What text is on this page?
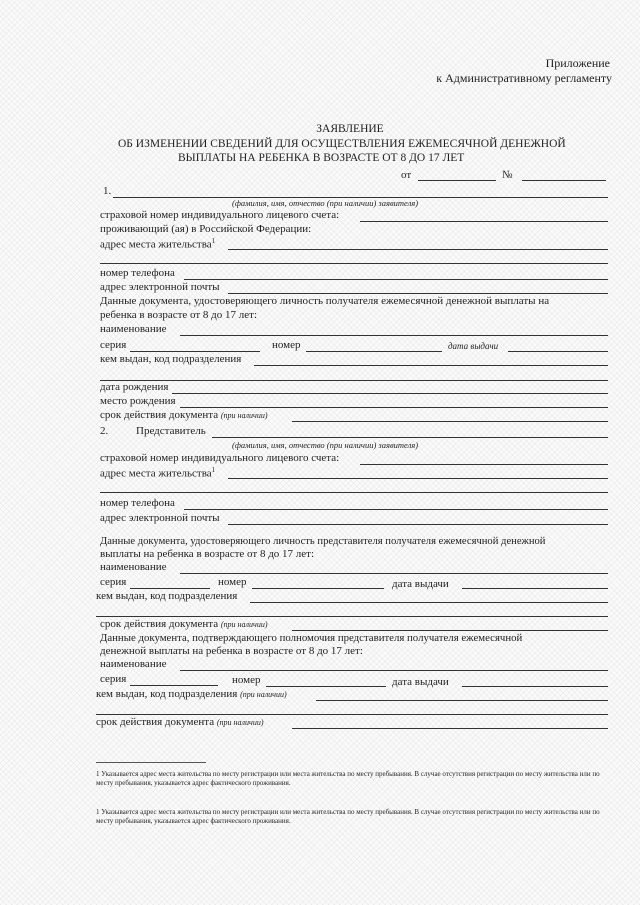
Приложение
к Административному регламенту
ЗАЯВЛЕНИЕ
ОБ ИЗМЕНЕНИИ СВЕДЕНИЙ ДЛЯ ОСУЩЕСТВЛЕНИЯ ЕЖЕМЕСЯЧНОЙ ДЕНЕЖНОЙ
ВЫПЛАТЫ НА РЕБЕНКА В ВОЗРАСТЕ ОТ 8 ДО 17 ЛЕТ
от	№
1.
(фамилия, имя, отчество (при наличии) заявителя)
страховой номер индивидуального лицевого счета:
проживающий (ая) в Российской Федерации:
адрес места жительства$^1$
номер телефона
адрес электронной почты
Данные документа, удостоверяющего личность получателя ежемесячной денежной выплаты на
ребенка в возрасте от 8 до 17 лет:
наименование
серия	номер	дата выдачи
кем выдан, код подразделения
дата рождения
место рождения
срок действия документа (при наличии)
2.	Представитель
(фамилия, имя, отчество (при наличии) заявителя)
страховой номер индивидуального лицевого счета:
адрес места жительства$^1$
номер телефона
адрес электронной почты
Данные документа, удостоверяющего личность представителя получателя ежемесячной денежной
выплаты на ребенка в возрасте от 8 до 17 лет:
наименование
серия	номер	дата выдачи
кем выдан, код подразделения
срок действия документа (при наличии)
Данные документа, подтверждающего полномочия представителя получателя ежемесячной
денежной выплаты на ребенка в возрасте от 8 до 17 лет:
наименование
серия	номер	дата выдачи
кем выдан, код подразделения (при наличии)
срок действия документа (при наличии)
1 Указывается адрес места жительства по месту регистрации или места жительства по месту пребывания. В случае отсутствия регистрации по месту жительства или по месту пребывания, указывается адрес фактического проживания.
1 Указывается адрес места жительства по месту регистрации или места жительства по месту пребывания. В случае отсутствия регистрации по месту жительства или по месту пребывания, указывается адрес фактического проживания.
